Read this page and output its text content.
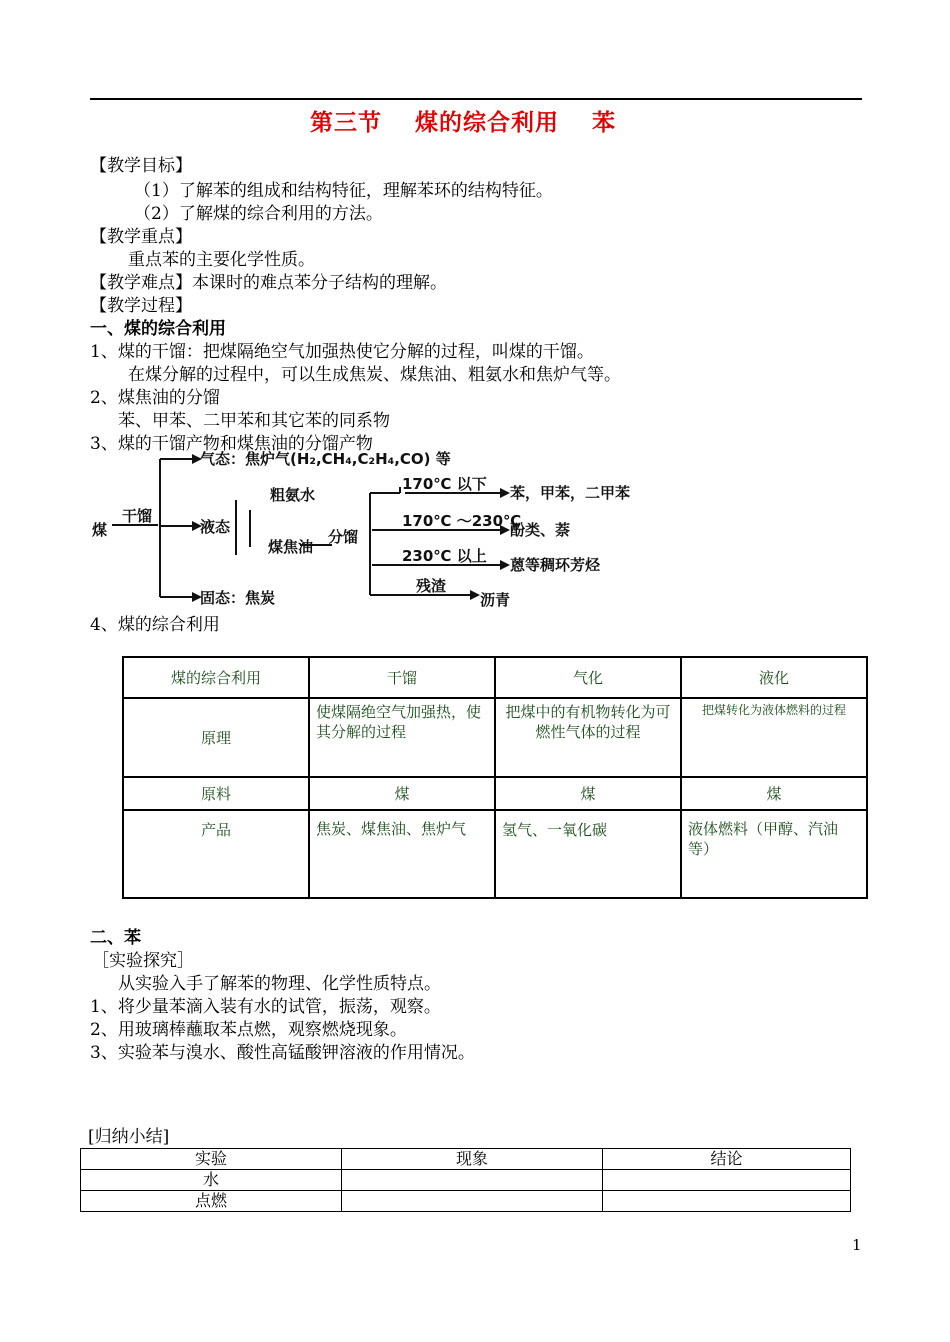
第三节　 煤的综合利用　 苯
【教学目标】
（1）了解苯的组成和结构特征，理解苯环的结构特征。
（2）了解煤的综合利用的方法。
【教学重点】
重点苯的主要化学性质。
【教学难点】本课时的难点苯分子结构的理解。
【教学过程】
一、煤的综合利用
1、煤的干馏：把煤隔绝空气加强热使它分解的过程，叫煤的干馏。
在煤分解的过程中，可以生成焦炭、煤焦油、粗氨水和焦炉气等。
2、煤焦油的分馏
苯、甲苯、二甲苯和其它苯的同系物
3、煤的干馏产物和煤焦油的分馏产物
煤
干馏
气态：焦炉气(H₂,CH₄,C₂H₄,CO) 等
液态
固态：焦炭
粗氨水
煤焦油
分馏
170℃ 以下
170℃ ～230℃
230℃ 以上
残渣
苯，甲苯，二甲苯
酚类、萘
蒽等稠环芳烃
沥青
4、煤的综合利用
煤的综合利用	干馏	气化	液化
原理	使煤隔绝空气加强热，使其分解的过程	把煤中的有机物转化为可燃性气体的过程	把煤转化为液体燃料的过程
原料	煤	煤	煤
产品	焦炭、煤焦油、焦炉气	氢气、一氧化碳	液体燃料（甲醇、汽油等）
二、苯
［实验探究］
从实验入手了解苯的物理、化学性质特点。
1、将少量苯滴入装有水的试管，振荡，观察。
2、用玻璃棒蘸取苯点燃，观察燃烧现象。
3、实验苯与溴水、酸性高锰酸钾溶液的作用情况。
[归纳小结]
实验	现象	结论
水		
点燃		
1
